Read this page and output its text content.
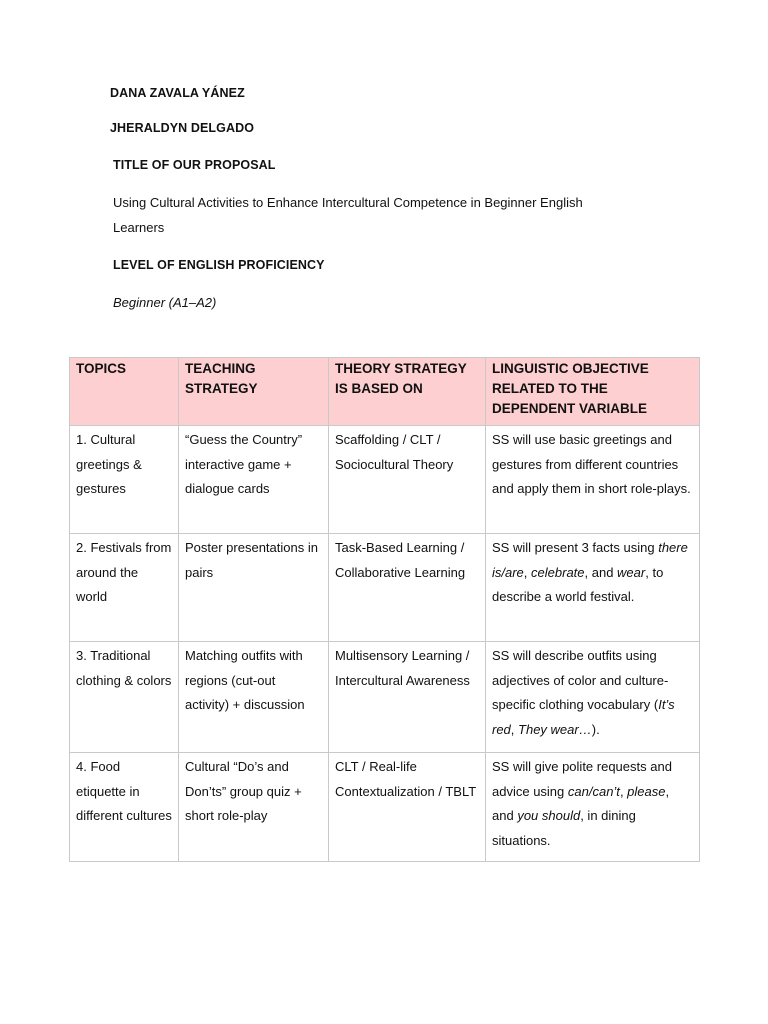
DANA ZAVALA YÁNEZ
JHERALDYN DELGADO
TITLE OF OUR PROPOSAL
Using Cultural Activities to Enhance Intercultural Competence in Beginner English Learners
LEVEL OF ENGLISH PROFICIENCY
Beginner (A1–A2)
TOPICS	TEACHING STRATEGY	THEORY STRATEGY IS BASED ON	LINGUISTIC OBJECTIVE RELATED TO THE DEPENDENT VARIABLE
1. Cultural greetings & gestures	“Guess the Country” interactive game + dialogue cards	Scaffolding / CLT / Sociocultural Theory	SS will use basic greetings and gestures from different countries and apply them in short role-plays.
2. Festivals from around the world	Poster presentations in pairs	Task-Based Learning / Collaborative Learning	SS will present 3 facts using there is/are, celebrate, and wear, to describe a world festival.
3. Traditional clothing & colors	Matching outfits with regions (cut-out activity) + discussion	Multisensory Learning / Intercultural Awareness	SS will describe outfits using adjectives of color and culture-specific clothing vocabulary (It’s red, They wear…).
4. Food etiquette in different cultures	Cultural “Do’s and Don’ts” group quiz + short role-play	CLT / Real-life Contextualization / TBLT	SS will give polite requests and advice using can/can’t, please, and you should, in dining situations.
